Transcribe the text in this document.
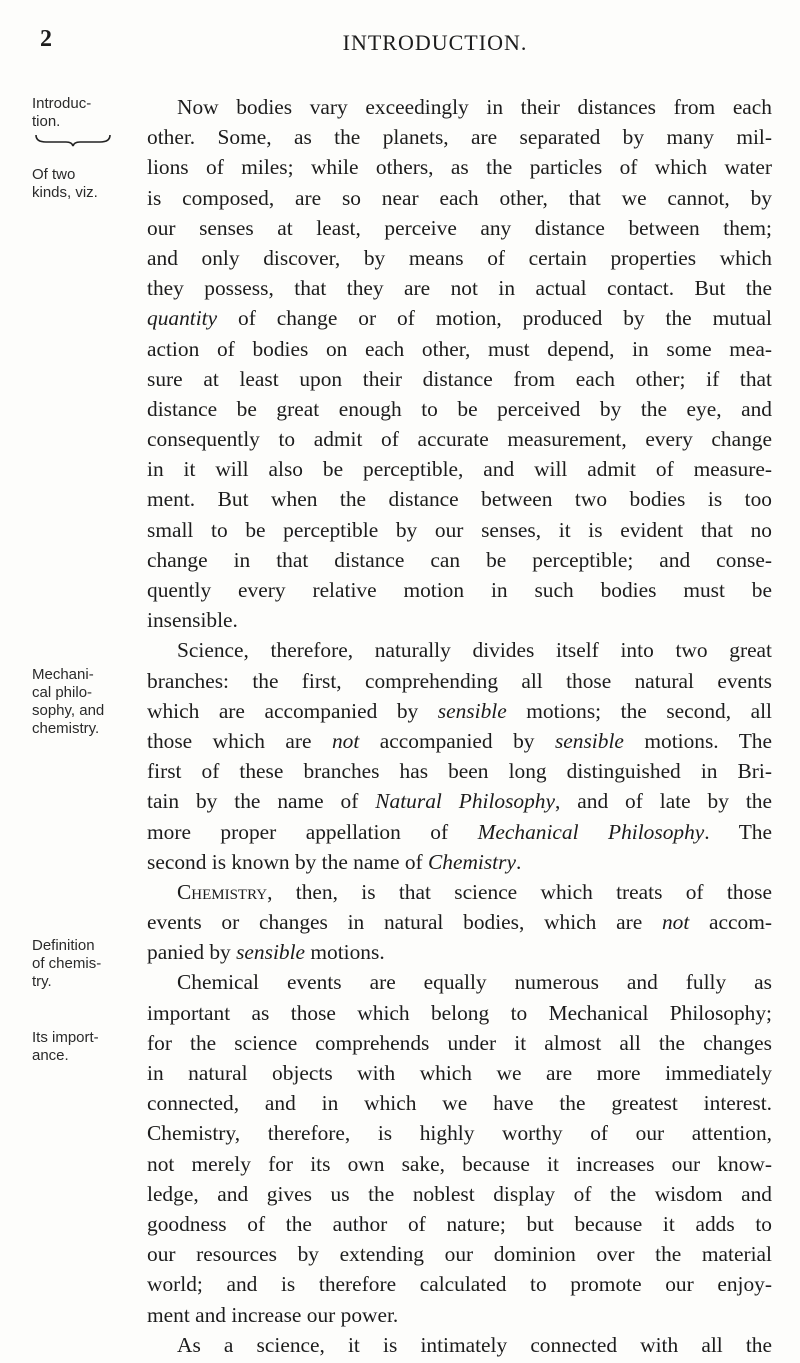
2	INTRODUCTION.
Introduc-
tion.
Of two
kinds, viz.
Mechani-
cal philo-
sophy, and
chemistry.
Definition
of chemis-
try.
Its import-
ance.
Now bodies vary exceedingly in their distances from each
other. Some, as the planets, are separated by many mil-
lions of miles; while others, as the particles of which water
is composed, are so near each other, that we cannot, by
our senses at least, perceive any distance between them;
and only discover, by means of certain properties which
they possess, that they are not in actual contact. But the
quantity of change or of motion, produced by the mutual
action of bodies on each other, must depend, in some mea-
sure at least upon their distance from each other; if that
distance be great enough to be perceived by the eye, and
consequently to admit of accurate measurement, every change
in it will also be perceptible, and will admit of measure-
ment. But when the distance between two bodies is too
small to be perceptible by our senses, it is evident that no
change in that distance can be perceptible; and conse-
quently every relative motion in such bodies must be
insensible.
Science, therefore, naturally divides itself into two great
branches: the first, comprehending all those natural events
which are accompanied by sensible motions; the second, all
those which are not accompanied by sensible motions. The
first of these branches has been long distinguished in Bri-
tain by the name of Natural Philosophy, and of late by the
more proper appellation of Mechanical Philosophy. The
second is known by the name of Chemistry.
Chemistry, then, is that science which treats of those
events or changes in natural bodies, which are not accom-
panied by sensible motions.
Chemical events are equally numerous and fully as
important as those which belong to Mechanical Philosophy;
for the science comprehends under it almost all the changes
in natural objects with which we are more immediately
connected, and in which we have the greatest interest.
Chemistry, therefore, is highly worthy of our attention,
not merely for its own sake, because it increases our know-
ledge, and gives us the noblest display of the wisdom and
goodness of the author of nature; but because it adds to
our resources by extending our dominion over the material
world; and is therefore calculated to promote our enjoy-
ment and increase our power.
As a science, it is intimately connected with all the
